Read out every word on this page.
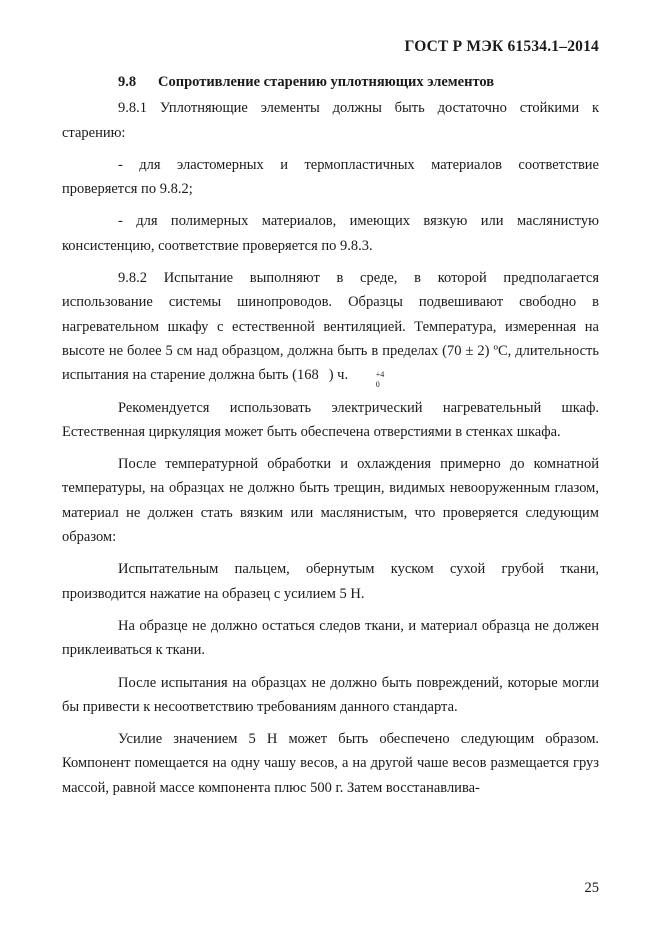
ГОСТ Р МЭК 61534.1–2014
9.8 Сопротивление старению уплотняющих элементов

9.8.1 Уплотняющие элементы должны быть достаточно стойкими к старению:

- для эластомерных и термопластичных материалов соответствие проверяется по 9.8.2;

- для полимерных материалов, имеющих вязкую или маслянистую консистенцию, соответствие проверяется по 9.8.3.

9.8.2 Испытание выполняют в среде, в которой предполагается использование системы шинопроводов. Образцы подвешивают свободно в нагревательном шкафу с естественной вентиляцией. Температура, измеренная на высоте не более 5 см над образцом, должна быть в пределах (70 ± 2) ºC, длительность испытания на старение должна быть (168	+4
0
) ч.

Рекомендуется использовать электрический нагревательный шкаф. Естественная циркуляция может быть обеспечена отверстиями в стенках шкафа.

После температурной обработки и охлаждения примерно до комнатной температуры, на образцах не должно быть трещин, видимых невооруженным глазом, материал не должен стать вязким или маслянистым, что проверяется следующим образом:

Испытательным пальцем, обернутым куском сухой грубой ткани, производится нажатие на образец с усилием 5 Н.

На образце не должно остаться следов ткани, и материал образца не должен приклеиваться к ткани.

После испытания на образцах не должно быть повреждений, которые могли бы привести к несоответствию требованиям данного стандарта.

Усилие значением 5 Н может быть обеспечено следующим образом. Компонент помещается на одну чашу весов, а на другой чаше весов размещается груз массой, равной массе компонента плюс 500 г. Затем восстанавлива-

25
